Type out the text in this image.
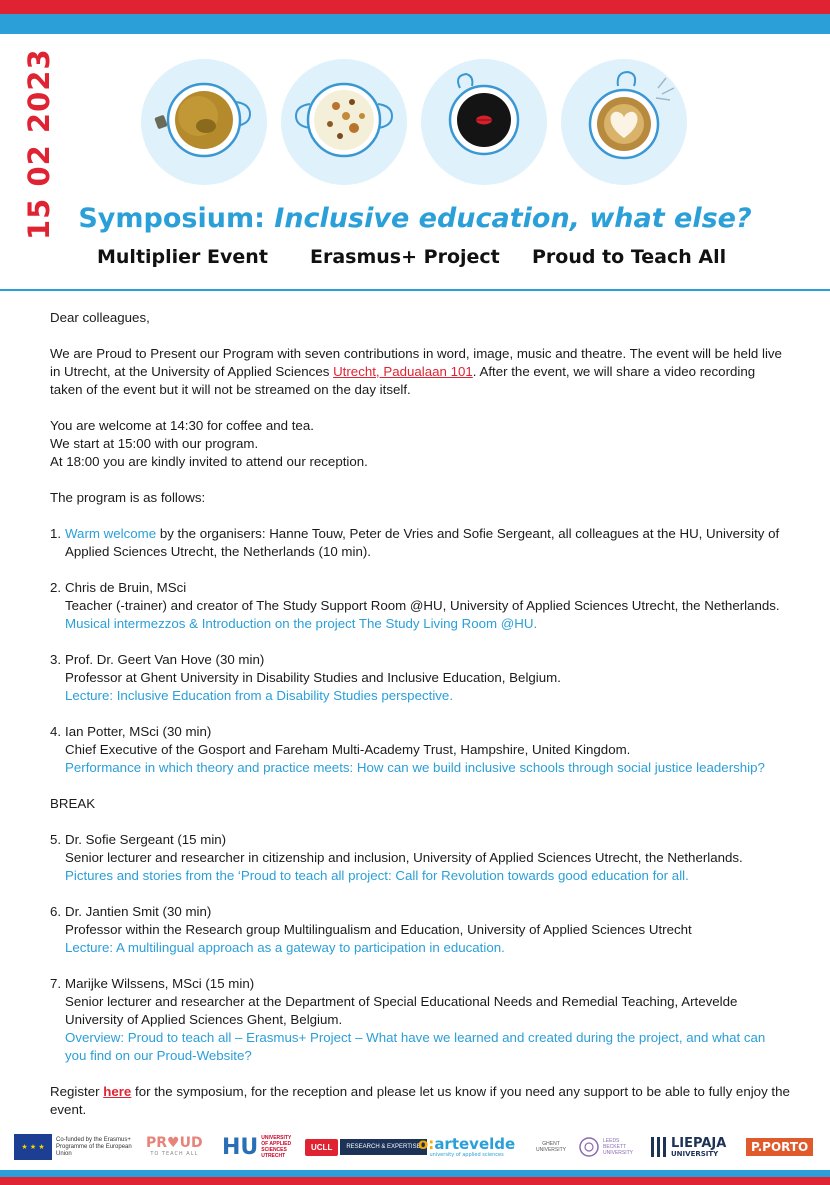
15 02 2023 Symposium: Inclusive education, what else?
Multiplier Event Erasmus+ Project Proud to Teach All

Dear colleagues,

We are Proud to Present our Program with seven contributions in word, image, music and theatre. The event will be held live in Utrecht, at the University of Applied Sciences Utrecht, Padualaan 101. After the event, we will share a video recording taken of the event but it will not be streamed on the day itself.

You are welcome at 14:30 for coffee and tea.

We start at 15:00 with our program.

At 18:00 you are kindly invited to attend our reception.

The program is as follows:

1. Warm welcome by the organisers: Hanne Touw, Peter de Vries and Sofie Sergeant, all colleagues at the HU, University of Applied Sciences Utrecht, the Netherlands (10 min).
2. Chris de Bruin, MSci

Teacher (-trainer) and creator of The Study Support Room @HU, University of Applied Sciences Utrecht, the Netherlands.

Musical intermezzos & Introduction on the project The Study Living Room @HU.

3. Prof. Dr. Geert Van Hove (30 min)

Professor at Ghent University in Disability Studies and Inclusive Education, Belgium.

Lecture: Inclusive Education from a Disability Studies perspective.

4. Ian Potter, MSci (30 min)

Chief Executive of the Gosport and Fareham Multi-Academy Trust, Hampshire, United Kingdom.

Performance in which theory and practice meets: How can we build inclusive schools through social justice leadership?

BREAK

5. Dr. Sofie Sergeant (15 min)

Senior lecturer and researcher in citizenship and inclusion, University of Applied Sciences Utrecht, the Netherlands.

Pictures and stories from the ‘Proud to teach all project: Call for Revolution towards good education for all.

6. Dr. Jantien Smit (30 min)

Professor within the Research group Multilingualism and Education, University of Applied Sciences Utrecht

Lecture: A multilingual approach as a gateway to participation in education.

7. Marijke Wilssens, MSci (15 min)

Senior lecturer and researcher at the Department of Special Educational Needs and Remedial Teaching, Artevelde University of Applied Sciences Ghent, Belgium.

Overview: Proud to teach all – Erasmus+ Project – What have we learned and created during the project, and what can you find on our Proud-Website?

Register here for the symposium, for the reception and please let us know if you need any support to be able to fully enjoy the event.

★ ★ ★
Co-funded by the Erasmus+ Programme of the European Union
PR♥UD
TO TEACH ALL HU UNIVERSITY OF APPLIED SCIENCES UTRECHT
UCLL	RESEARCH & EXPERTISE
o:artevelde
university of applied sciences
GHENT UNIVERSITY
LEEDS BECKETT UNIVERSITY
LIEPAJA
UNIVERSITY	P.PORTO
